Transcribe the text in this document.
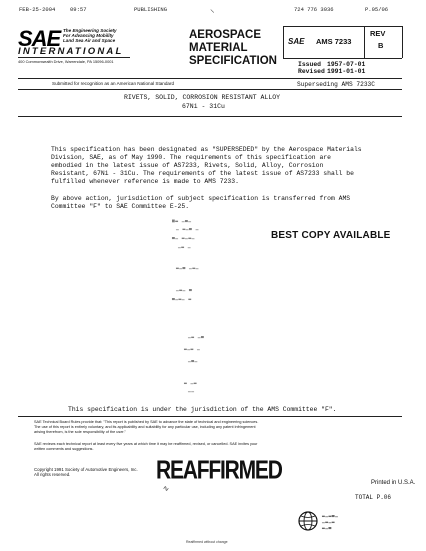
FEB-25-2004	09:57	PUBLISHING	⸜	724 776 3036	P.05/06
SAE The Engineering Society
For Advancing Mobility
Land Sea Air and Space
INTERNATIONAL
400 Commonwealth Drive, Warrendale, PA 15096-0001
AEROSPACE
MATERIAL
SPECIFICATION
SAE AMS 7233
REV
B
Issued 1957-07-01
Revised 1991-01-01
Submitted for recognition as an American National Standard	Superseding AMS 7233C
RIVETS, SOLID, CORROSION RESISTANT ALLOY
67Ni - 31Cu
This specification has been designated as "SUPERSEDED" by the Aerospace Materials
Division, SAE, as of May 1990. The requirements of this specification are
embodied in the latest issue of AS7233, Rivets, Solid, Alloy, Corrosion
Resistant, 67Ni - 31Cu. The requirements of the latest issue of AS7233 shall be
fulfilled whenever reference is made to AMS 7233.
By above action, jurisdiction of subject specification is transferred from AMS
Committee "F" to SAE Committee E-25.
▄▂ ▁▃▁
▁ ▂▁▃ ▁
▃▁ ▂▁▂▁
▁▂ ▁
▂▁▃ ▁▂▁
▁▂▁ ▃
▃▁▂▁ ▂
▁▂ ▁▃
▂▁▂ ▁
▁▃▁
▂ ▁▂
▁▁
BEST COPY AVAILABLE
This specification is under the jurisdiction of the AMS Committee "F".
SAE Technical Board Rules provide that: "This report is published by SAE to advance the state of technical and engineering sciences.
The use of this report is entirely voluntary, and its applicability and suitability for any particular use, including any patent infringement
arising therefrom, is the sole responsibility of the user."
SAE reviews each technical report at least every five years at which time it may be reaffirmed, revised, or cancelled. SAE invites your
written comments and suggestions.
Copyright 1991 Society of Automotive Engineers, Inc.
All rights reserved.	REAFFIRMED
∿
Printed in U.S.A.
TOTAL P.06
▂▁▂▃▁
▁▂▁▂
▂▁▃
Reaffirmed without change
